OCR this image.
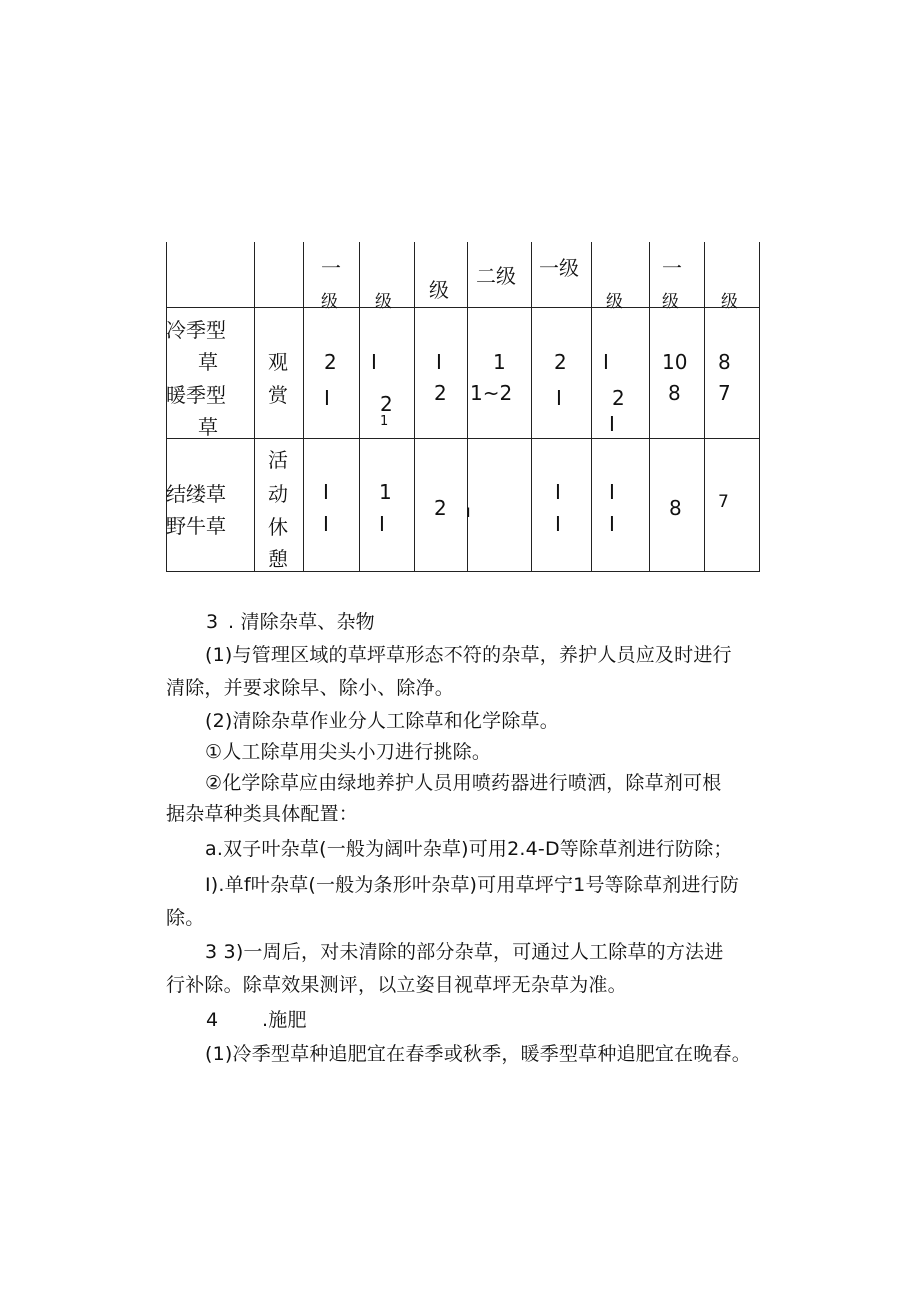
一
级 级 级
二级 一级
级
一
级 级
冷季型
草
暖季型
草
观
赏
2
I
I
2
1
I
2
1
1~2
2
I
I
2
I
10
8
8
7
结缕草
野牛草
活
动
休
憩
I
I
1
I
2 ı
I
I
I
I
8 7
3 . 清除杂草、杂物
(1)与管理区域的草坪草形态不符的杂草，养护人员应及时进行
清除，并要求除早、除小、除净。
(2)清除杂草作业分人工除草和化学除草。
①人工除草用尖头小刀进行挑除。
②化学除草应由绿地养护人员用喷药器进行喷洒，除草剂可根
据杂草种类具体配置：
a.双子叶杂草(一般为阔叶杂草)可用2.4-D等除草剂进行防除；
I).单f叶杂草(一般为条形叶杂草)可用草坪宁1号等除草剂进行防
除。
3 3)一周后，对未清除的部分杂草，可通过人工除草的方法进
行补除。除草效果测评，以立姿目视草坪无杂草为准。
4 .施肥
(1)冷季型草种追肥宜在春季或秋季，暖季型草种追肥宜在晚春。
